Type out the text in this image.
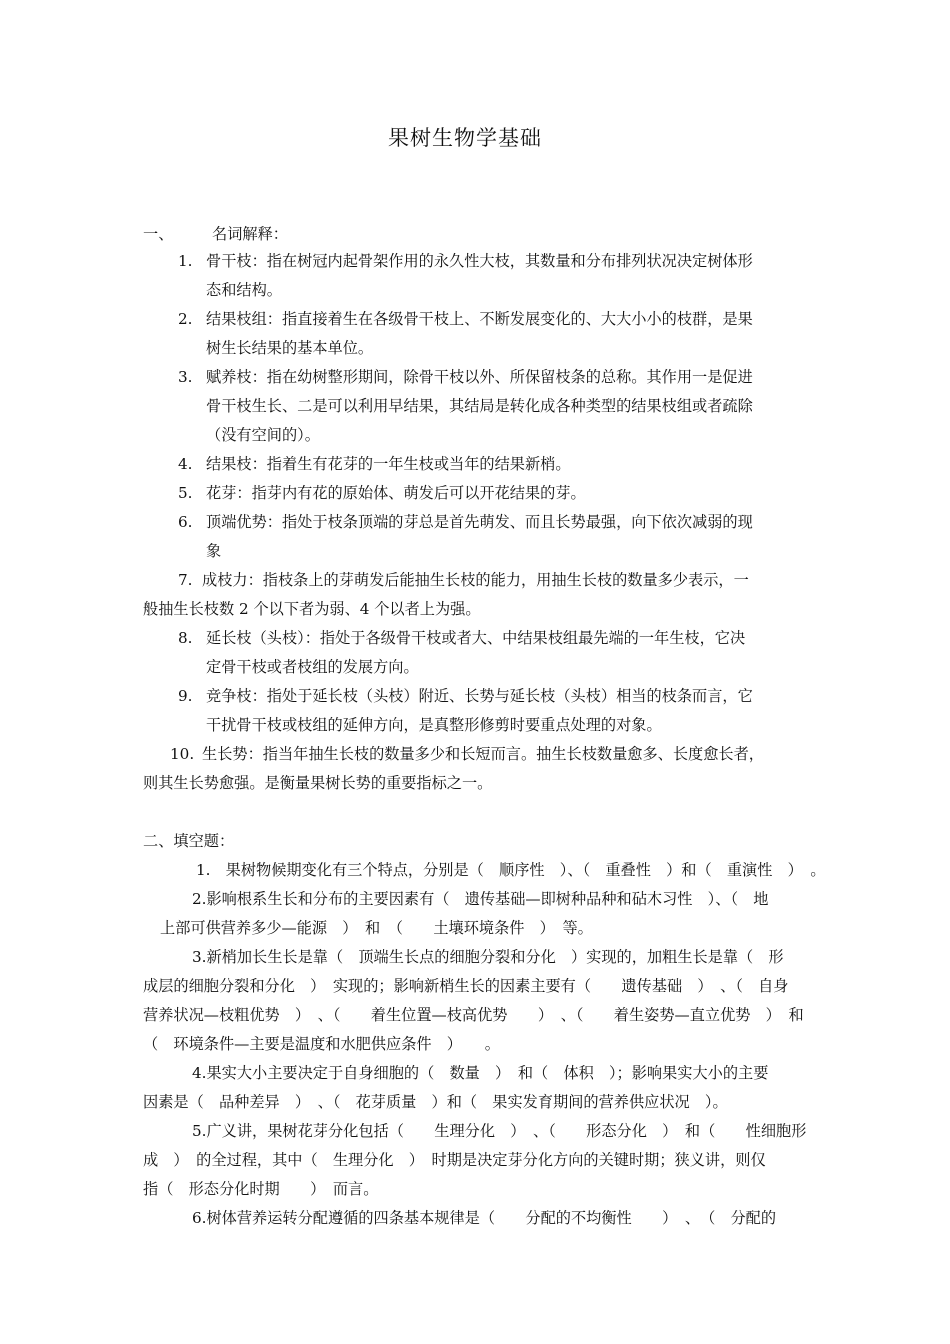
果树生物学基础
一、	名词解释：
1. 骨干枝：指在树冠内起骨架作用的永久性大枝，其数量和分布排列状况决定树体形
态和结构。
2. 结果枝组：指直接着生在各级骨干枝上、不断发展变化的、大大小小的枝群，是果
树生长结果的基本单位。
3. 赋养枝：指在幼树整形期间，除骨干枝以外、所保留枝条的总称。其作用一是促进
骨干枝生长、二是可以利用早结果，其结局是转化成各种类型的结果枝组或者疏除
（没有空间的）。
4. 结果枝：指着生有花芽的一年生枝或当年的结果新梢。
5. 花芽：指芽内有花的原始体、萌发后可以开花结果的芽。
6. 顶端优势：指处于枝条顶端的芽总是首先萌发、而且长势最强，向下依次减弱的现
象
7. 成枝力：指枝条上的芽萌发后能抽生长枝的能力，用抽生长枝的数量多少表示，一
般抽生长枝数 2 个以下者为弱、4 个以者上为强。
8. 延长枝（头枝）：指处于各级骨干枝或者大、中结果枝组最先端的一年生枝，它决
定骨干枝或者枝组的发展方向。
9. 竞争枝：指处于延长枝（头枝）附近、长势与延长枝（头枝）相当的枝条而言，它
干扰骨干枝或枝组的延伸方向，是真整形修剪时要重点处理的对象。
10. 生长势：指当年抽生长枝的数量多少和长短而言。抽生长枝数量愈多、长度愈长者，
则其生长势愈强。是衡量果树长势的重要指标之一。
二、填空题：
1.　果树物候期变化有三个特点，分别是（　顺序性　）、（　重叠性　）和（　重演性　）　。
2.影响根系生长和分布的主要因素有（　遗传基础—即树种品种和砧木习性　）、（　地
上部可供营养多少—能源　）　和　（　　土壤环境条件　）　等。
3.新梢加长生长是靠（　顶端生长点的细胞分裂和分化　）实现的，加粗生长是靠（　形
成层的细胞分裂和分化　）　实现的；影响新梢生长的因素主要有（　　遗传基础　）　、（　自身
营养状况—枝粗优势　）　、（　　着生位置—枝高优势　　）　、（　　着生姿势—直立优势　）　和
（　环境条件—主要是温度和水肥供应条件　）　　。
4.果实大小主要决定于自身细胞的（　数量　）　和（　体积　）；影响果实大小的主要
因素是（　品种差异　）　、（　花芽质量　）和（　果实发育期间的营养供应状况　）。
5.广义讲，果树花芽分化包括（　　生理分化　）　、（　　形态分化　）　和（　　性细胞形
成　）　的全过程，其中（　生理分化　）　时期是决定芽分化方向的关键时期；狭义讲，则仅
指（　形态分化时期　　）　而言。
6.树体营养运转分配遵循的四条基本规律是（　　分配的不均衡性　　）　、　（　分配的
